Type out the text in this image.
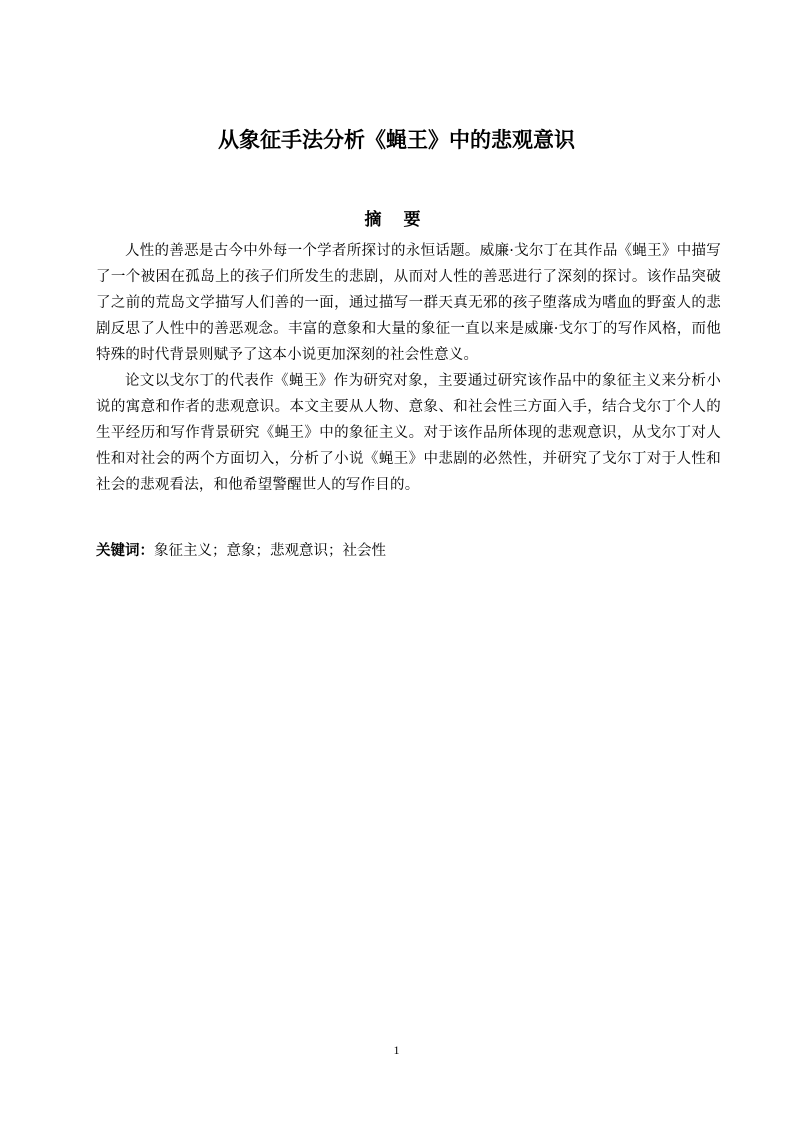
从象征手法分析《蝇王》中的悲观意识
摘 要

人性的善恶是古今中外每一个学者所探讨的永恒话题。威廉·戈尔丁在其作品《蝇王》中描写了一个被困在孤岛上的孩子们所发生的悲剧，从而对人性的善恶进行了深刻的探讨。该作品突破了之前的荒岛文学描写人们善的一面，通过描写一群天真无邪的孩子堕落成为嗜血的野蛮人的悲剧反思了人性中的善恶观念。丰富的意象和大量的象征一直以来是威廉·戈尔丁的写作风格，而他特殊的时代背景则赋予了这本小说更加深刻的社会性意义。

论文以戈尔丁的代表作《蝇王》作为研究对象，主要通过研究该作品中的象征主义来分析小说的寓意和作者的悲观意识。本文主要从人物、意象、和社会性三方面入手，结合戈尔丁个人的生平经历和写作背景研究《蝇王》中的象征主义。对于该作品所体现的悲观意识，从戈尔丁对人性和对社会的两个方面切入，分析了小说《蝇王》中悲剧的必然性，并研究了戈尔丁对于人性和社会的悲观看法，和他希望警醒世人的写作目的。

关键词：象征主义；意象；悲观意识；社会性

1
